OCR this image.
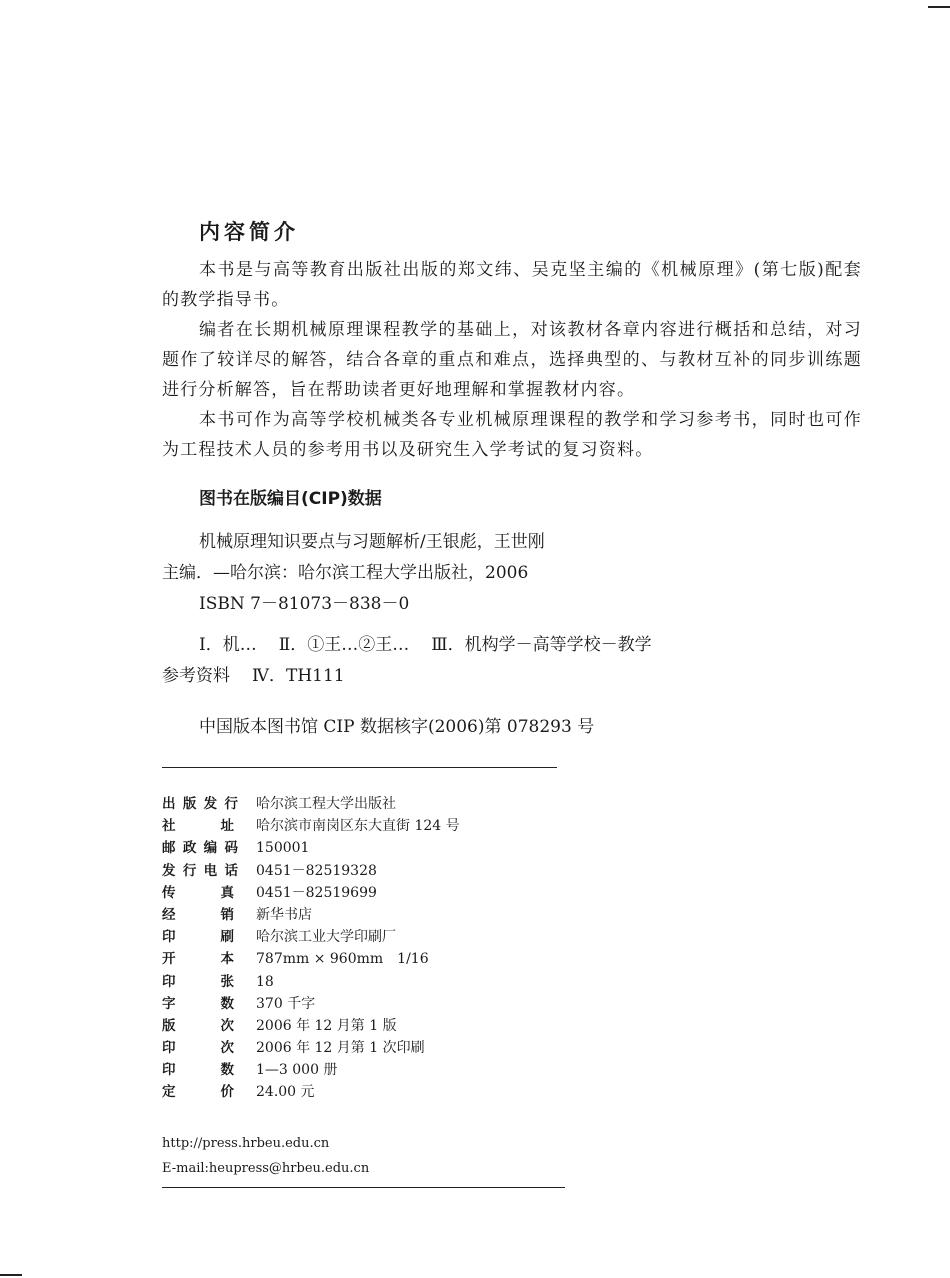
内容简介

本书是与高等教育出版社出版的郑文纬、吴克坚主编的《机械原理》(第七版)配套的教学指导书。

编者在长期机械原理课程教学的基础上，对该教材各章内容进行概括和总结，对习题作了较详尽的解答，结合各章的重点和难点，选择典型的、与教材互补的同步训练题进行分析解答，旨在帮助读者更好地理解和掌握教材内容。

本书可作为高等学校机械类各专业机械原理课程的教学和学习参考书，同时也可作为工程技术人员的参考用书以及研究生入学考试的复习资料。

图书在版编目(CIP)数据
机械原理知识要点与习题解析/王银彪，王世刚
主编．—哈尔滨：哈尔滨工程大学出版社，2006
ISBN 7－81073－838－0
Ⅰ．机… Ⅱ．①王…②王… Ⅲ．机构学－高等学校－教学
参考资料 Ⅳ．TH111
中国版本图书馆 CIP 数据核字(2006)第 078293 号
出版发行 哈尔滨工程大学出版社
社址 哈尔滨市南岗区东大直街 124 号
邮政编码 150001
发行电话 0451－82519328
传真 0451－82519699
经销 新华书店
印刷 哈尔滨工业大学印刷厂
开本 787mm × 960mm　1/16
印张 18
字数 370 千字
版次 2006 年 12 月第 1 版
印次 2006 年 12 月第 1 次印刷
印数 1—3 000 册
定价 24.00 元
http://press.hrbeu.edu.cn
E-mail:heupress@hrbeu.edu.cn
